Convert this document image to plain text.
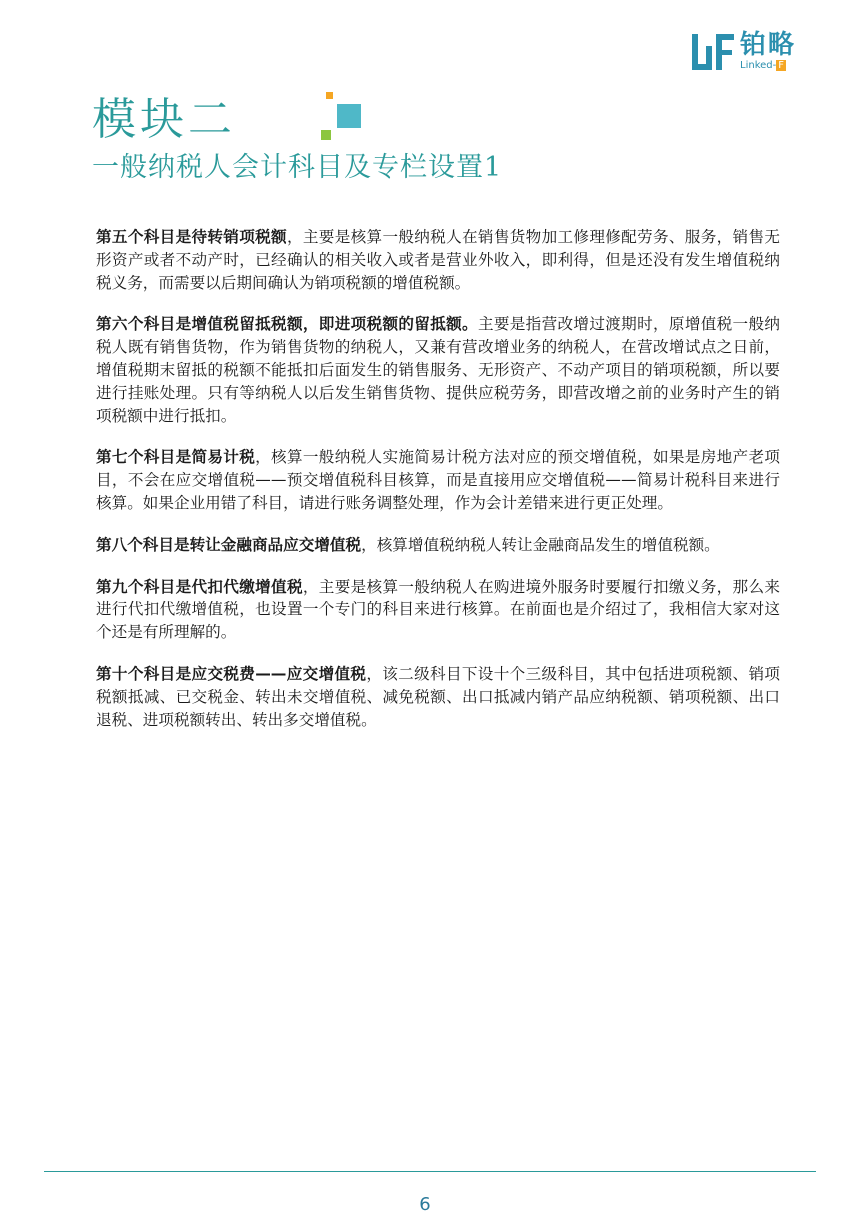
铂略
Linked- F
模块二
一般纳税人会计科目及专栏设置1

第五个科目是待转销项税额，主要是核算一般纳税人在销售货物加工修理修配劳务、服务，销售无形资产或者不动产时，已经确认的相关收入或者是营业外收入，即利得，但是还没有发生增值税纳税义务，而需要以后期间确认为销项税额的增值税额。

第六个科目是增值税留抵税额，即进项税额的留抵额。主要是指营改增过渡期时，原增值税一般纳税人既有销售货物，作为销售货物的纳税人，又兼有营改增业务的纳税人，在营改增试点之日前，增值税期末留抵的税额不能抵扣后面发生的销售服务、无形资产、不动产项目的销项税额，所以要进行挂账处理。只有等纳税人以后发生销售货物、提供应税劳务，即营改增之前的业务时产生的销项税额中进行抵扣。

第七个科目是简易计税，核算一般纳税人实施简易计税方法对应的预交增值税，如果是房地产老项目，不会在应交增值税——预交增值税科目核算，而是直接用应交增值税——简易计税科目来进行核算。如果企业用错了科目，请进行账务调整处理，作为会计差错来进行更正处理。

第八个科目是转让金融商品应交增值税，核算增值税纳税人转让金融商品发生的增值税额。

第九个科目是代扣代缴增值税，主要是核算一般纳税人在购进境外服务时要履行扣缴义务，那么来进行代扣代缴增值税，也设置一个专门的科目来进行核算。在前面也是介绍过了，我相信大家对这个还是有所理解的。

第十个科目是应交税费——应交增值税，该二级科目下设十个三级科目，其中包括进项税额、销项税额抵减、已交税金、转出未交增值税、减免税额、出口抵减内销产品应纳税额、销项税额、出口退税、进项税额转出、转出多交增值税。

6
